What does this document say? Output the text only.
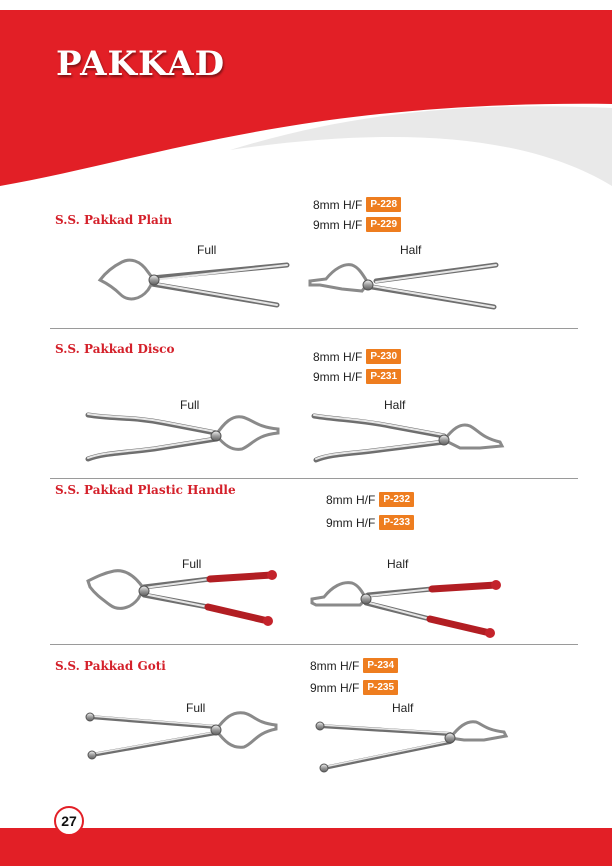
PAKKAD
S.S. Pakkad Plain
8mm H/F P-228
9mm H/F P-229
Full	Half
S.S. Pakkad Disco
8mm H/F P-230
9mm H/F P-231
Full	Half
S.S. Pakkad Plastic Handle
8mm H/F P-232
9mm H/F P-233
Full	Half
S.S. Pakkad Goti	8mm H/F P-234
9mm H/F P-235
Full	Half
27
